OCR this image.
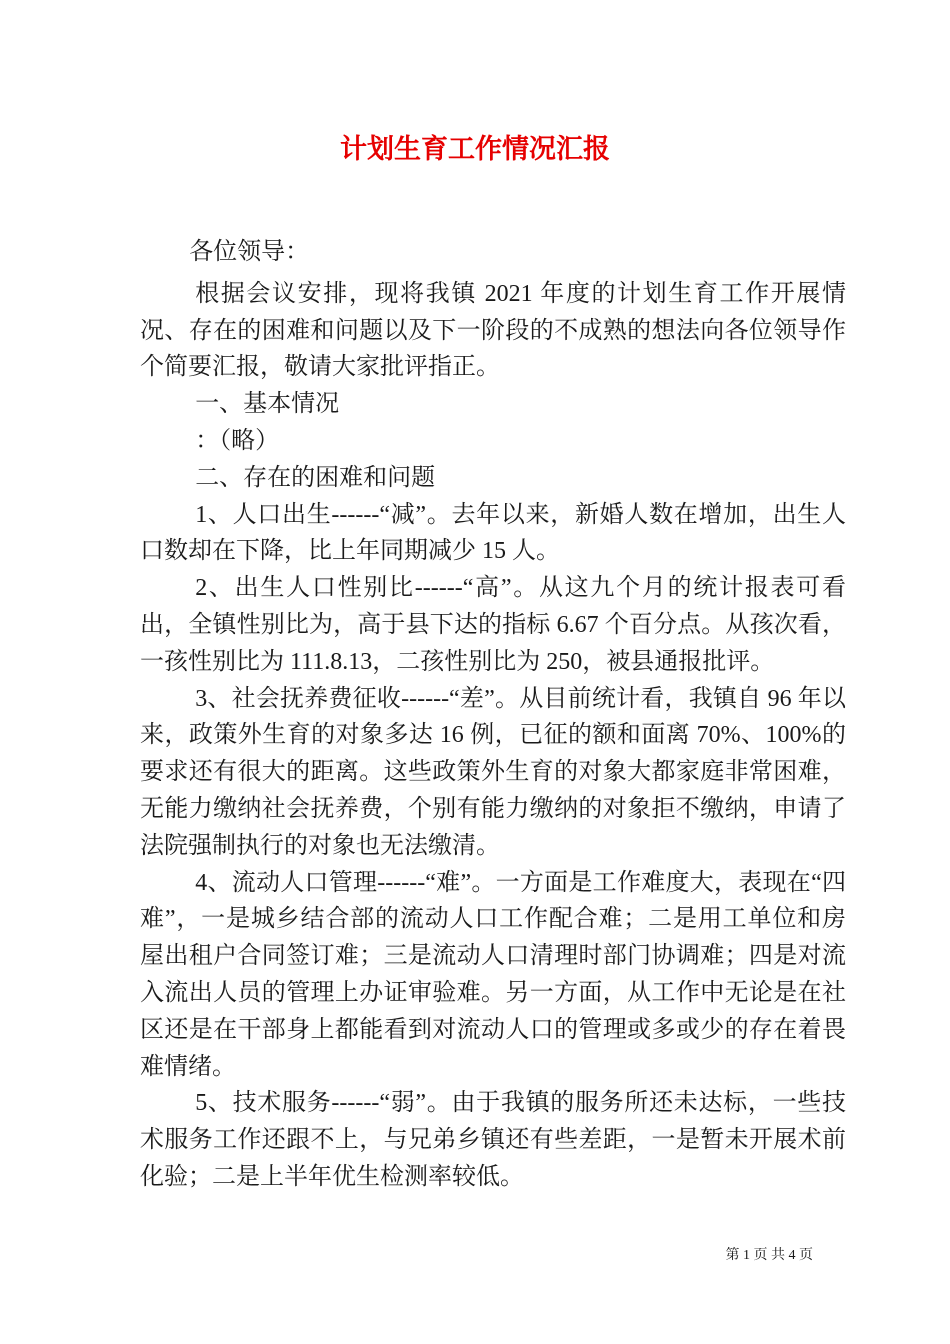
计划生育工作情况汇报

各位领导：

根据会议安排，现将我镇 2021 年度的计划生育工作开展情况、存在的困难和问题以及下一阶段的不成熟的想法向各位领导作个简要汇报，敬请大家批评指正。

一、基本情况

：（略）

二、存在的困难和问题

1、人口出生------“减”。去年以来，新婚人数在增加，出生人口数却在下降，比上年同期减少 15 人。

2、出生人口性别比------“高”。从这九个月的统计报表可看出，全镇性别比为，高于县下达的指标 6.67 个百分点。从孩次看，一孩性别比为 111.8.13，二孩性别比为 250，被县通报批评。

3、社会抚养费征收------“差”。从目前统计看，我镇自 96 年以来，政策外生育的对象多达 16 例，已征的额和面离 70%、100%的要求还有很大的距离。这些政策外生育的对象大都家庭非常困难，无能力缴纳社会抚养费，个别有能力缴纳的对象拒不缴纳，申请了法院强制执行的对象也无法缴清。

4、流动人口管理------“难”。一方面是工作难度大，表现在“四难”，一是城乡结合部的流动人口工作配合难；二是用工单位和房屋出租户合同签订难；三是流动人口清理时部门协调难；四是对流入流出人员的管理上办证审验难。另一方面，从工作中无论是在社区还是在干部身上都能看到对流动人口的管理或多或少的存在着畏难情绪。

5、技术服务------“弱”。由于我镇的服务所还未达标，一些技术服务工作还跟不上，与兄弟乡镇还有些差距，一是暂未开展术前化验；二是上半年优生检测率较低。

第 1 页 共 4 页
